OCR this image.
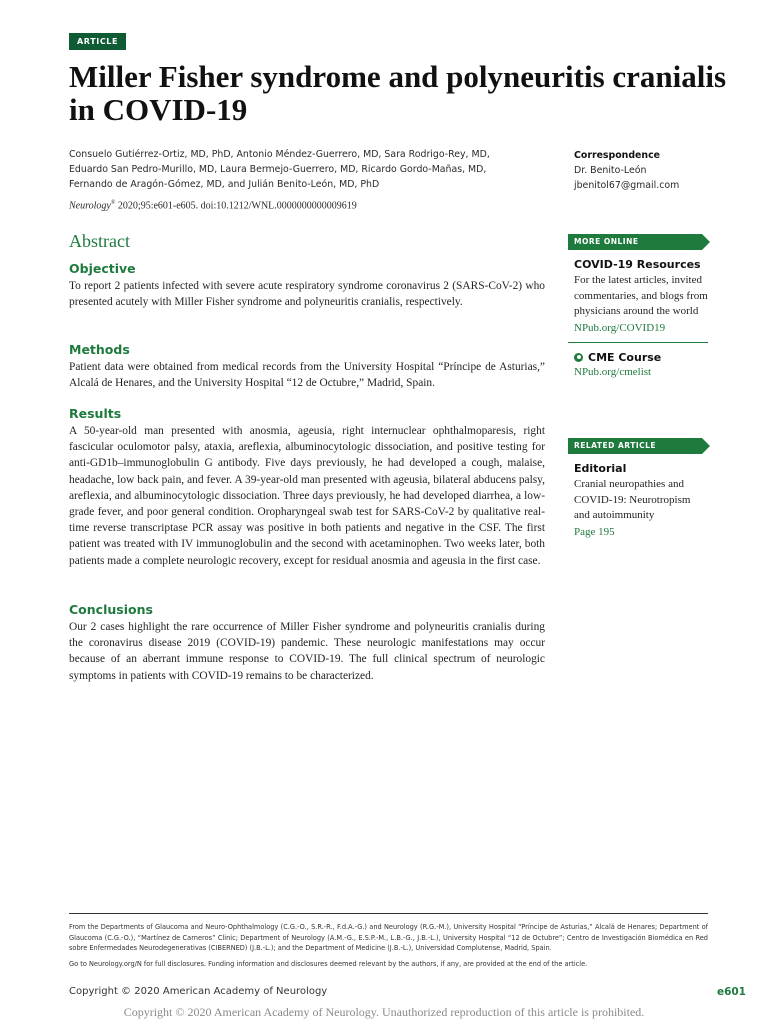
ARTICLE
Miller Fisher syndrome and polyneuritis cranialis in COVID-19
Consuelo Gutiérrez-Ortiz, MD, PhD, Antonio Méndez-Guerrero, MD, Sara Rodrigo-Rey, MD,
Eduardo San Pedro-Murillo, MD, Laura Bermejo-Guerrero, MD, Ricardo Gordo-Mañas, MD,
Fernando de Aragón-Gómez, MD, and Julián Benito-León, MD, PhD
Neurology® 2020;95:e601-e605. doi:10.1212/WNL.0000000000009619
Correspondence
Dr. Benito-León
jbenitol67@gmail.com
Abstract
Objective

To report 2 patients infected with severe acute respiratory syndrome coronavirus 2 (SARS-CoV-2) who presented acutely with Miller Fisher syndrome and polyneuritis cranialis, respectively.

Methods

Patient data were obtained from medical records from the University Hospital “Príncipe de Asturias,” Alcalá de Henares, and the University Hospital “12 de Octubre,” Madrid, Spain.

Results

A 50-year-old man presented with anosmia, ageusia, right internuclear ophthalmoparesis, right fascicular oculomotor palsy, ataxia, areflexia, albuminocytologic dissociation, and positive testing for anti-GD1b–immunoglobulin G antibody. Five days previously, he had developed a cough, malaise, headache, low back pain, and fever. A 39-year-old man presented with ageusia, bilateral abducens palsy, areflexia, and albuminocytologic dissociation. Three days previously, he had developed diarrhea, a low-grade fever, and poor general condition. Oropharyngeal swab test for SARS-CoV-2 by qualitative real-time reverse transcriptase PCR assay was positive in both patients and negative in the CSF. The first patient was treated with IV immunoglobulin and the second with acetaminophen. Two weeks later, both patients made a complete neurologic recovery, except for residual anosmia and ageusia in the first case.

Conclusions

Our 2 cases highlight the rare occurrence of Miller Fisher syndrome and polyneuritis cranialis during the coronavirus disease 2019 (COVID-19) pandemic. These neurologic manifestations may occur because of an aberrant immune response to COVID-19. The full clinical spectrum of neurologic symptoms in patients with COVID-19 remains to be characterized.

MORE ONLINE
COVID-19 Resources
For the latest articles, invited commentaries, and blogs from physicians around the world
NPub.org/COVID19
CME Course
NPub.org/cmelist
RELATED ARTICLE
Editorial
Cranial neuropathies and COVID-19: Neurotropism and autoimmunity
Page 195
From the Departments of Glaucoma and Neuro-Ophthalmology (C.G.-O., S.R.-R., F.d.A.-G.) and Neurology (R.G.-M.), University Hospital “Príncipe de Asturias,” Alcalá de Henares; Department of Glaucoma (C.G.-O.), “Martínez de Carneros” Clinic; Department of Neurology (A.M.-G., E.S.P.-M., L.B.-G., J.B.-L.), University Hospital “12 de Octubre”; Centro de Investigación Biomédica en Red sobre Enfermedades Neurodegenerativas (CIBERNED) (J.B.-L.); and the Department of Medicine (J.B.-L.), Universidad Complutense, Madrid, Spain.
Go to Neurology.org/N for full disclosures. Funding information and disclosures deemed relevant by the authors, if any, are provided at the end of the article.
Copyright © 2020 American Academy of Neurology	e601
Copyright © 2020 American Academy of Neurology. Unauthorized reproduction of this article is prohibited.
